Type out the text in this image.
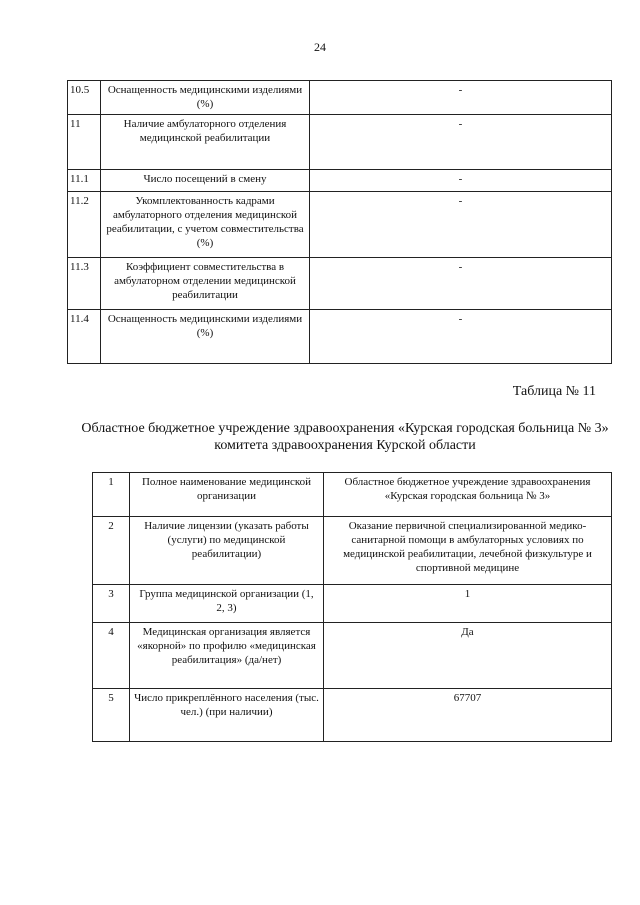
24
10.5	Оснащенность медицинскими изделиями (%)	-
11	Наличие амбулаторного отделения медицинской реабилитации	-
11.1	Число посещений в смену	-
11.2	Укомплектованность кадрами амбулаторного отделения медицинской реабилитации, с учетом совместительства (%)	-
11.3	Коэффициент совместительства в амбулаторном отделении медицинской реабилитации	-
11.4	Оснащенность медицинскими изделиями (%)	-
Таблица № 11
Областное бюджетное учреждение здравоохранения «Курская городская больница № 3» комитета здравоохранения Курской области
1	Полное наименование медицинской организации	Областное бюджетное учреждение здравоохранения «Курская городская больница № 3»
2	Наличие лицензии (указать работы (услуги) по медицинской реабилитации)	Оказание первичной специализированной медико-санитарной помощи в амбулаторных условиях по медицинской реабилитации, лечебной физкультуре и спортивной медицине
3	Группа медицинской организации (1, 2, 3)	1
4	Медицинская организация является «якорной» по профилю «медицинская реабилитация» (да/нет)	Да
5	Число прикреплённого населения (тыс. чел.) (при наличии)	67707
